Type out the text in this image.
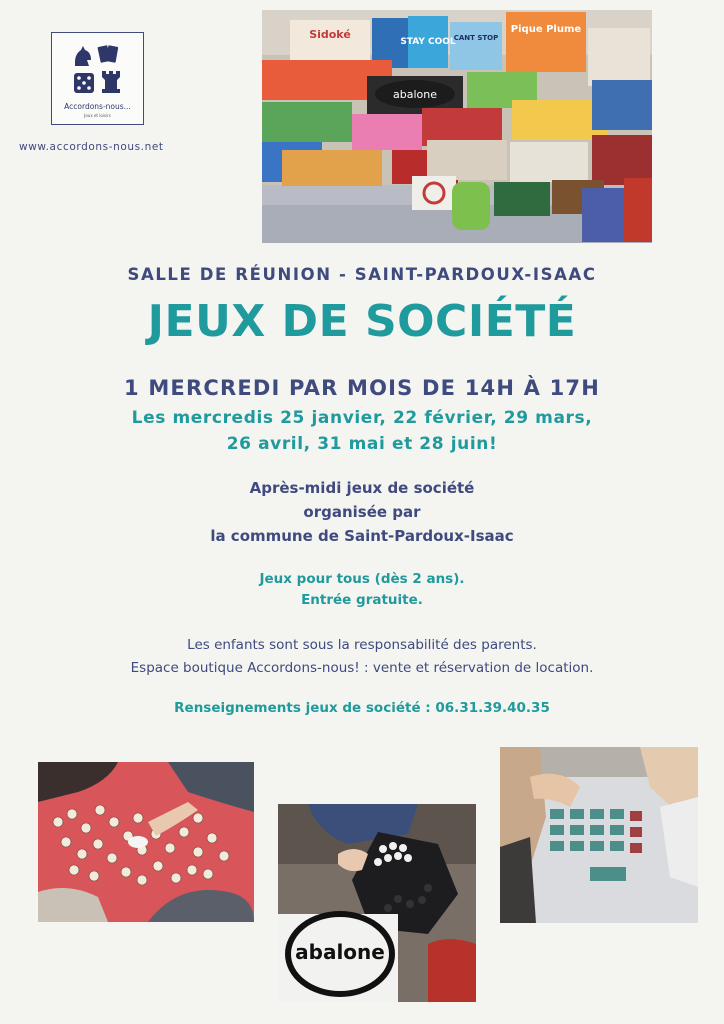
Accordons-nous...
Jeux et loisirs
www.accordons-nous.net
Sidoké
STAY COOL
CANT STOP
Pique Plume
abalone
SALLE DE RÉUNION - SAINT-PARDOUX-ISAAC
JEUX DE SOCIÉTÉ
1 MERCREDI PAR MOIS DE 14H À 17H
Les mercredis 25 janvier, 22 février, 29 mars,
26 avril, 31 mai et 28 juin!
Après-midi jeux de société
organisée par
la commune de Saint-Pardoux-Isaac
Jeux pour tous (dès 2 ans).
Entrée gratuite.
Les enfants sont sous la responsabilité des parents.
Espace boutique Accordons-nous! : vente et réservation de location.
Renseignements jeux de société : 06.31.39.40.35
abalone
